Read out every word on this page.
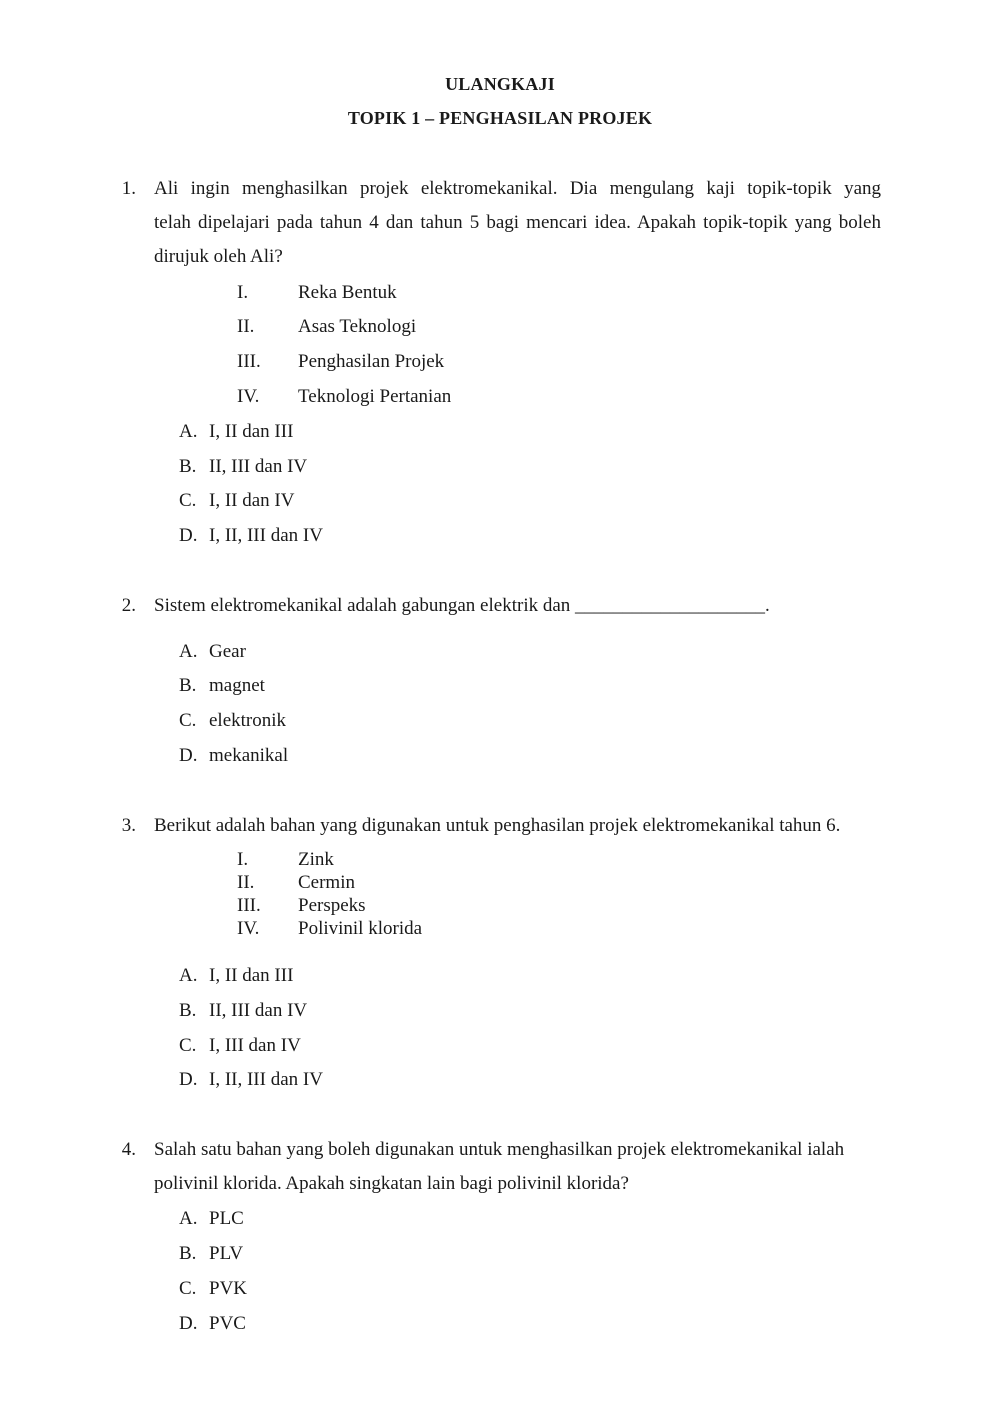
ULANGKAJI
TOPIK 1 – PENGHASILAN PROJEK
1. Ali ingin menghasilkan projek elektromekanikal. Dia mengulang kaji topik-topik yang
telah dipelajari pada tahun 4 dan tahun 5 bagi mencari idea. Apakah topik-topik yang boleh
dirujuk oleh Ali?
I.	Reka Bentuk
II. Asas Teknologi
III. Penghasilan Projek
IV. Teknologi Pertanian
A. I, II dan III
B. II, III dan IV
C. I, II dan IV
D. I, II, III dan IV
2. Sistem elektromekanikal adalah gabungan elektrik dan ____________________.
A. Gear
B. magnet
C. elektronik
D. mekanikal
3. Berikut adalah bahan yang digunakan untuk penghasilan projek elektromekanikal tahun 6.
I.	Zink
II. Cermin
III. Perspeks
IV. Polivinil klorida
A. I, II dan III
B. II, III dan IV
C. I, III dan IV
D. I, II, III dan IV
4. Salah satu bahan yang boleh digunakan untuk menghasilkan projek elektromekanikal ialah
polivinil klorida. Apakah singkatan lain bagi polivinil klorida?
A. PLC
B. PLV
C. PVK
D. PVC
